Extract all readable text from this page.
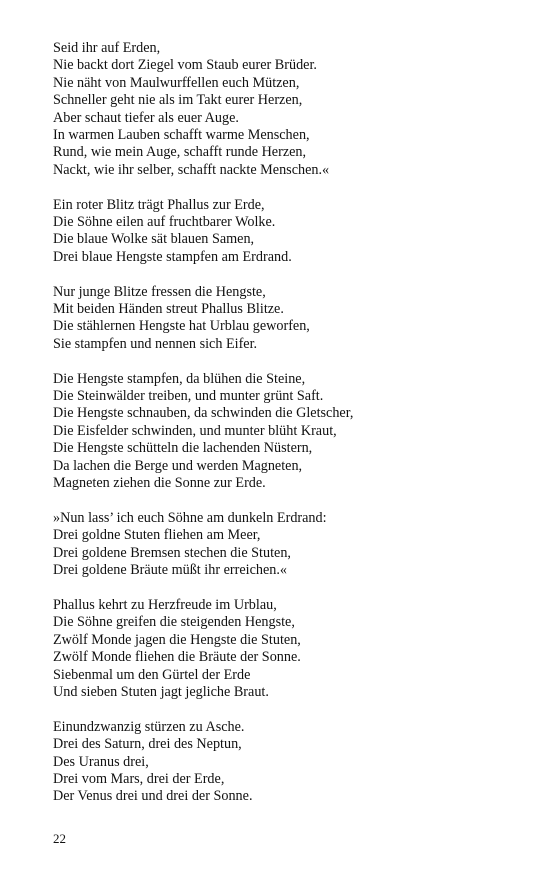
Seid ihr auf Erden,
Nie backt dort Ziegel vom Staub eurer Brüder.
Nie näht von Maulwurffellen euch Mützen,
Schneller geht nie als im Takt eurer Herzen,
Aber schaut tiefer als euer Auge.
In warmen Lauben schafft warme Menschen,
Rund, wie mein Auge, schafft runde Herzen,
Nackt, wie ihr selber, schafft nackte Menschen.«
Ein roter Blitz trägt Phallus zur Erde,
Die Söhne eilen auf fruchtbarer Wolke.
Die blaue Wolke sät blauen Samen,
Drei blaue Hengste stampfen am Erdrand.
Nur junge Blitze fressen die Hengste,
Mit beiden Händen streut Phallus Blitze.
Die stählernen Hengste hat Urblau geworfen,
Sie stampfen und nennen sich Eifer.
Die Hengste stampfen, da blühen die Steine,
Die Steinwälder treiben, und munter grünt Saft.
Die Hengste schnauben, da schwinden die Gletscher,
Die Eisfelder schwinden, und munter blüht Kraut,
Die Hengste schütteln die lachenden Nüstern,
Da lachen die Berge und werden Magneten,
Magneten ziehen die Sonne zur Erde.
»Nun lass’ ich euch Söhne am dunkeln Erdrand:
Drei goldne Stuten fliehen am Meer,
Drei goldene Bremsen stechen die Stuten,
Drei goldene Bräute müßt ihr erreichen.«
Phallus kehrt zu Herzfreude im Urblau,
Die Söhne greifen die steigenden Hengste,
Zwölf Monde jagen die Hengste die Stuten,
Zwölf Monde fliehen die Bräute der Sonne.
Siebenmal um den Gürtel der Erde
Und sieben Stuten jagt jegliche Braut.
Einundzwanzig stürzen zu Asche.
Drei des Saturn, drei des Neptun,
Des Uranus drei,
Drei vom Mars, drei der Erde,
Der Venus drei und drei der Sonne.
22
